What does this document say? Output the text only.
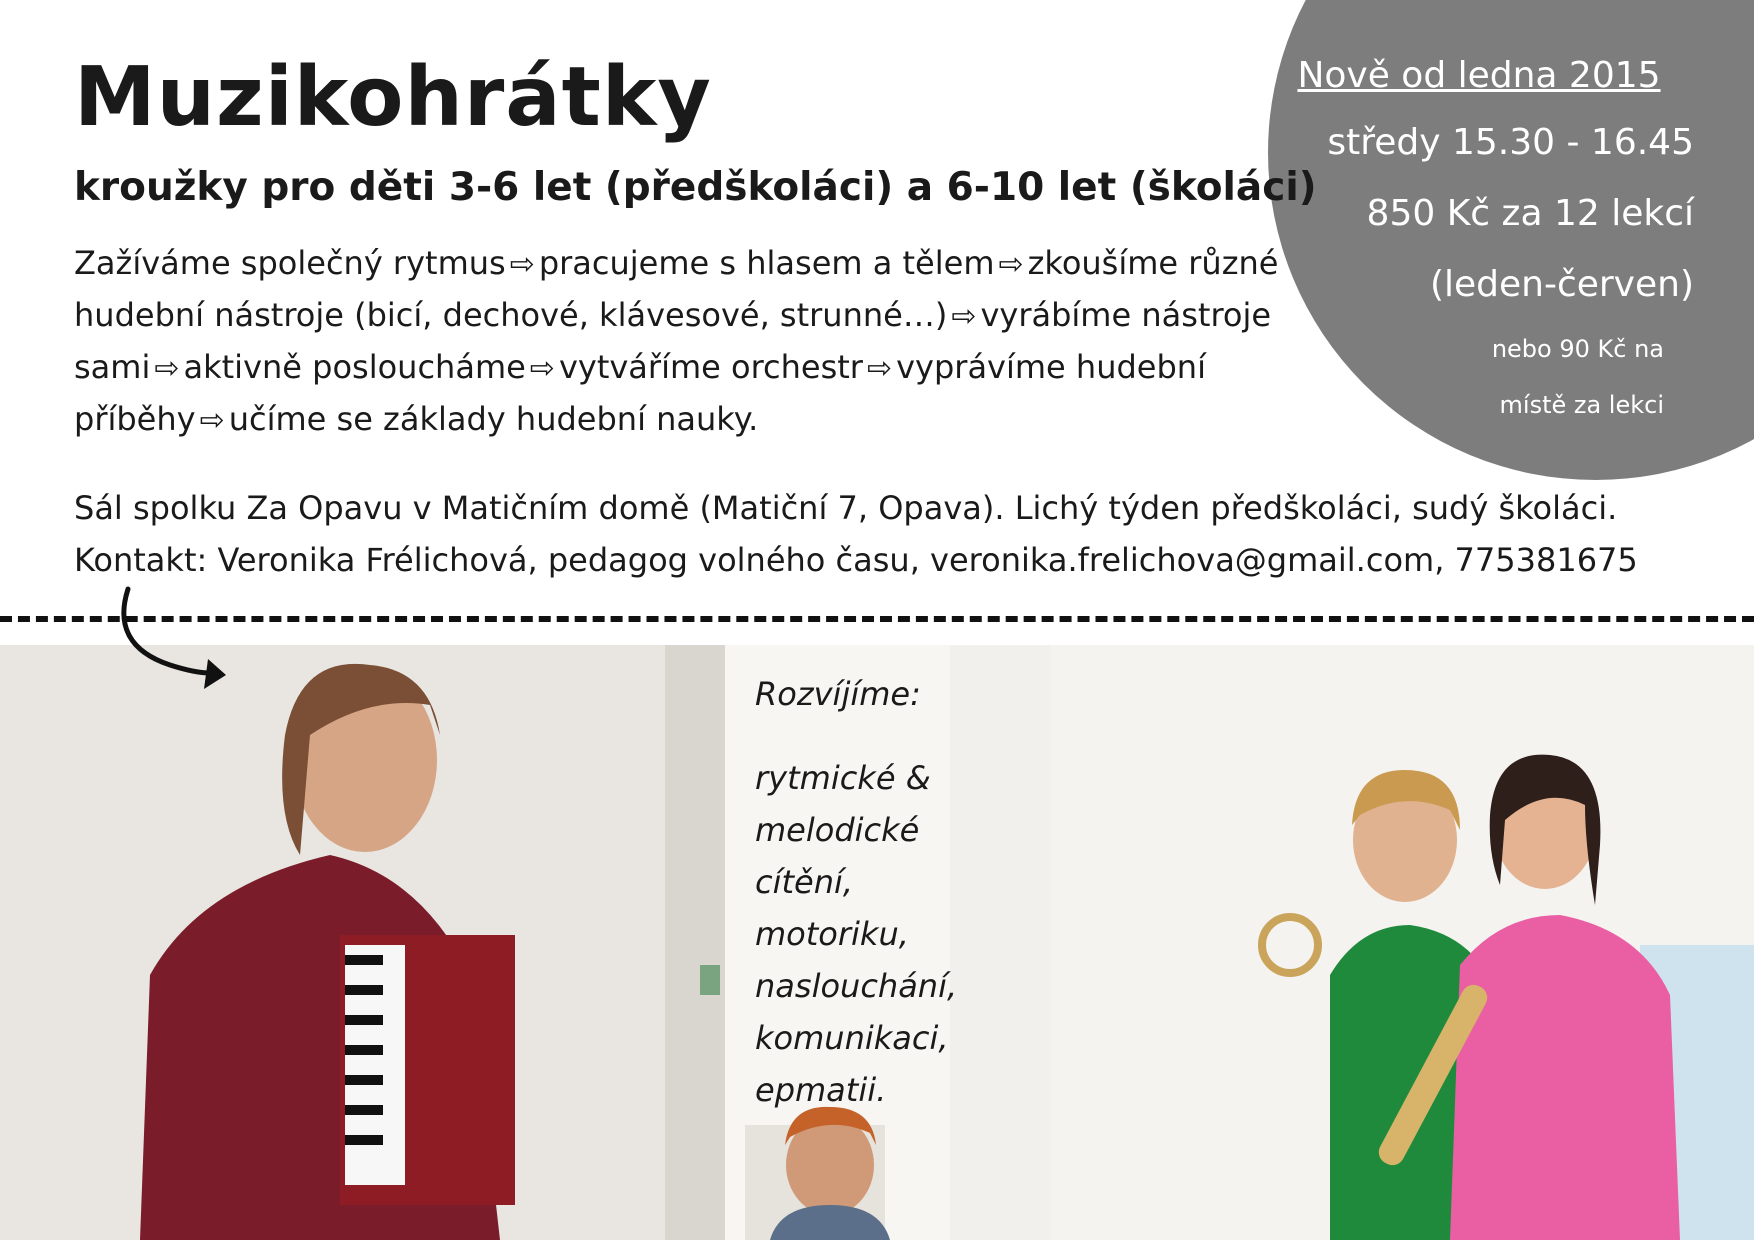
Nově od ledna 2015
středy 15.30 - 16.45
850 Kč za 12 lekcí
(leden-červen)
nebo 90 Kč na
místě za lekci
Muzikohrátky
kroužky pro děti 3-6 let (předškoláci) a 6-10 let (školáci)

Zažíváme společný rytmus ⇨ pracujeme s hlasem a tělem ⇨ zkoušíme různé hudební nástroje (bicí, dechové, klávesové, strunné…) ⇨ vyrábíme nástroje sami ⇨ aktivně posloucháme ⇨ vytváříme orchestr ⇨ vyprávíme hudební příběhy ⇨ učíme se základy hudební nauky.

Sál spolku Za Opavu v Matičním domě (Matiční 7, Opava). Lichý týden předškoláci, sudý školáci.
Kontakt: Veronika Frélichová, pedagog volného času, veronika.frelichova@gmail.com, 775381675
Rozvíjíme:
rytmické &
melodické
cítění,
motoriku,
naslouchání,
komunikaci,
epmatii.
